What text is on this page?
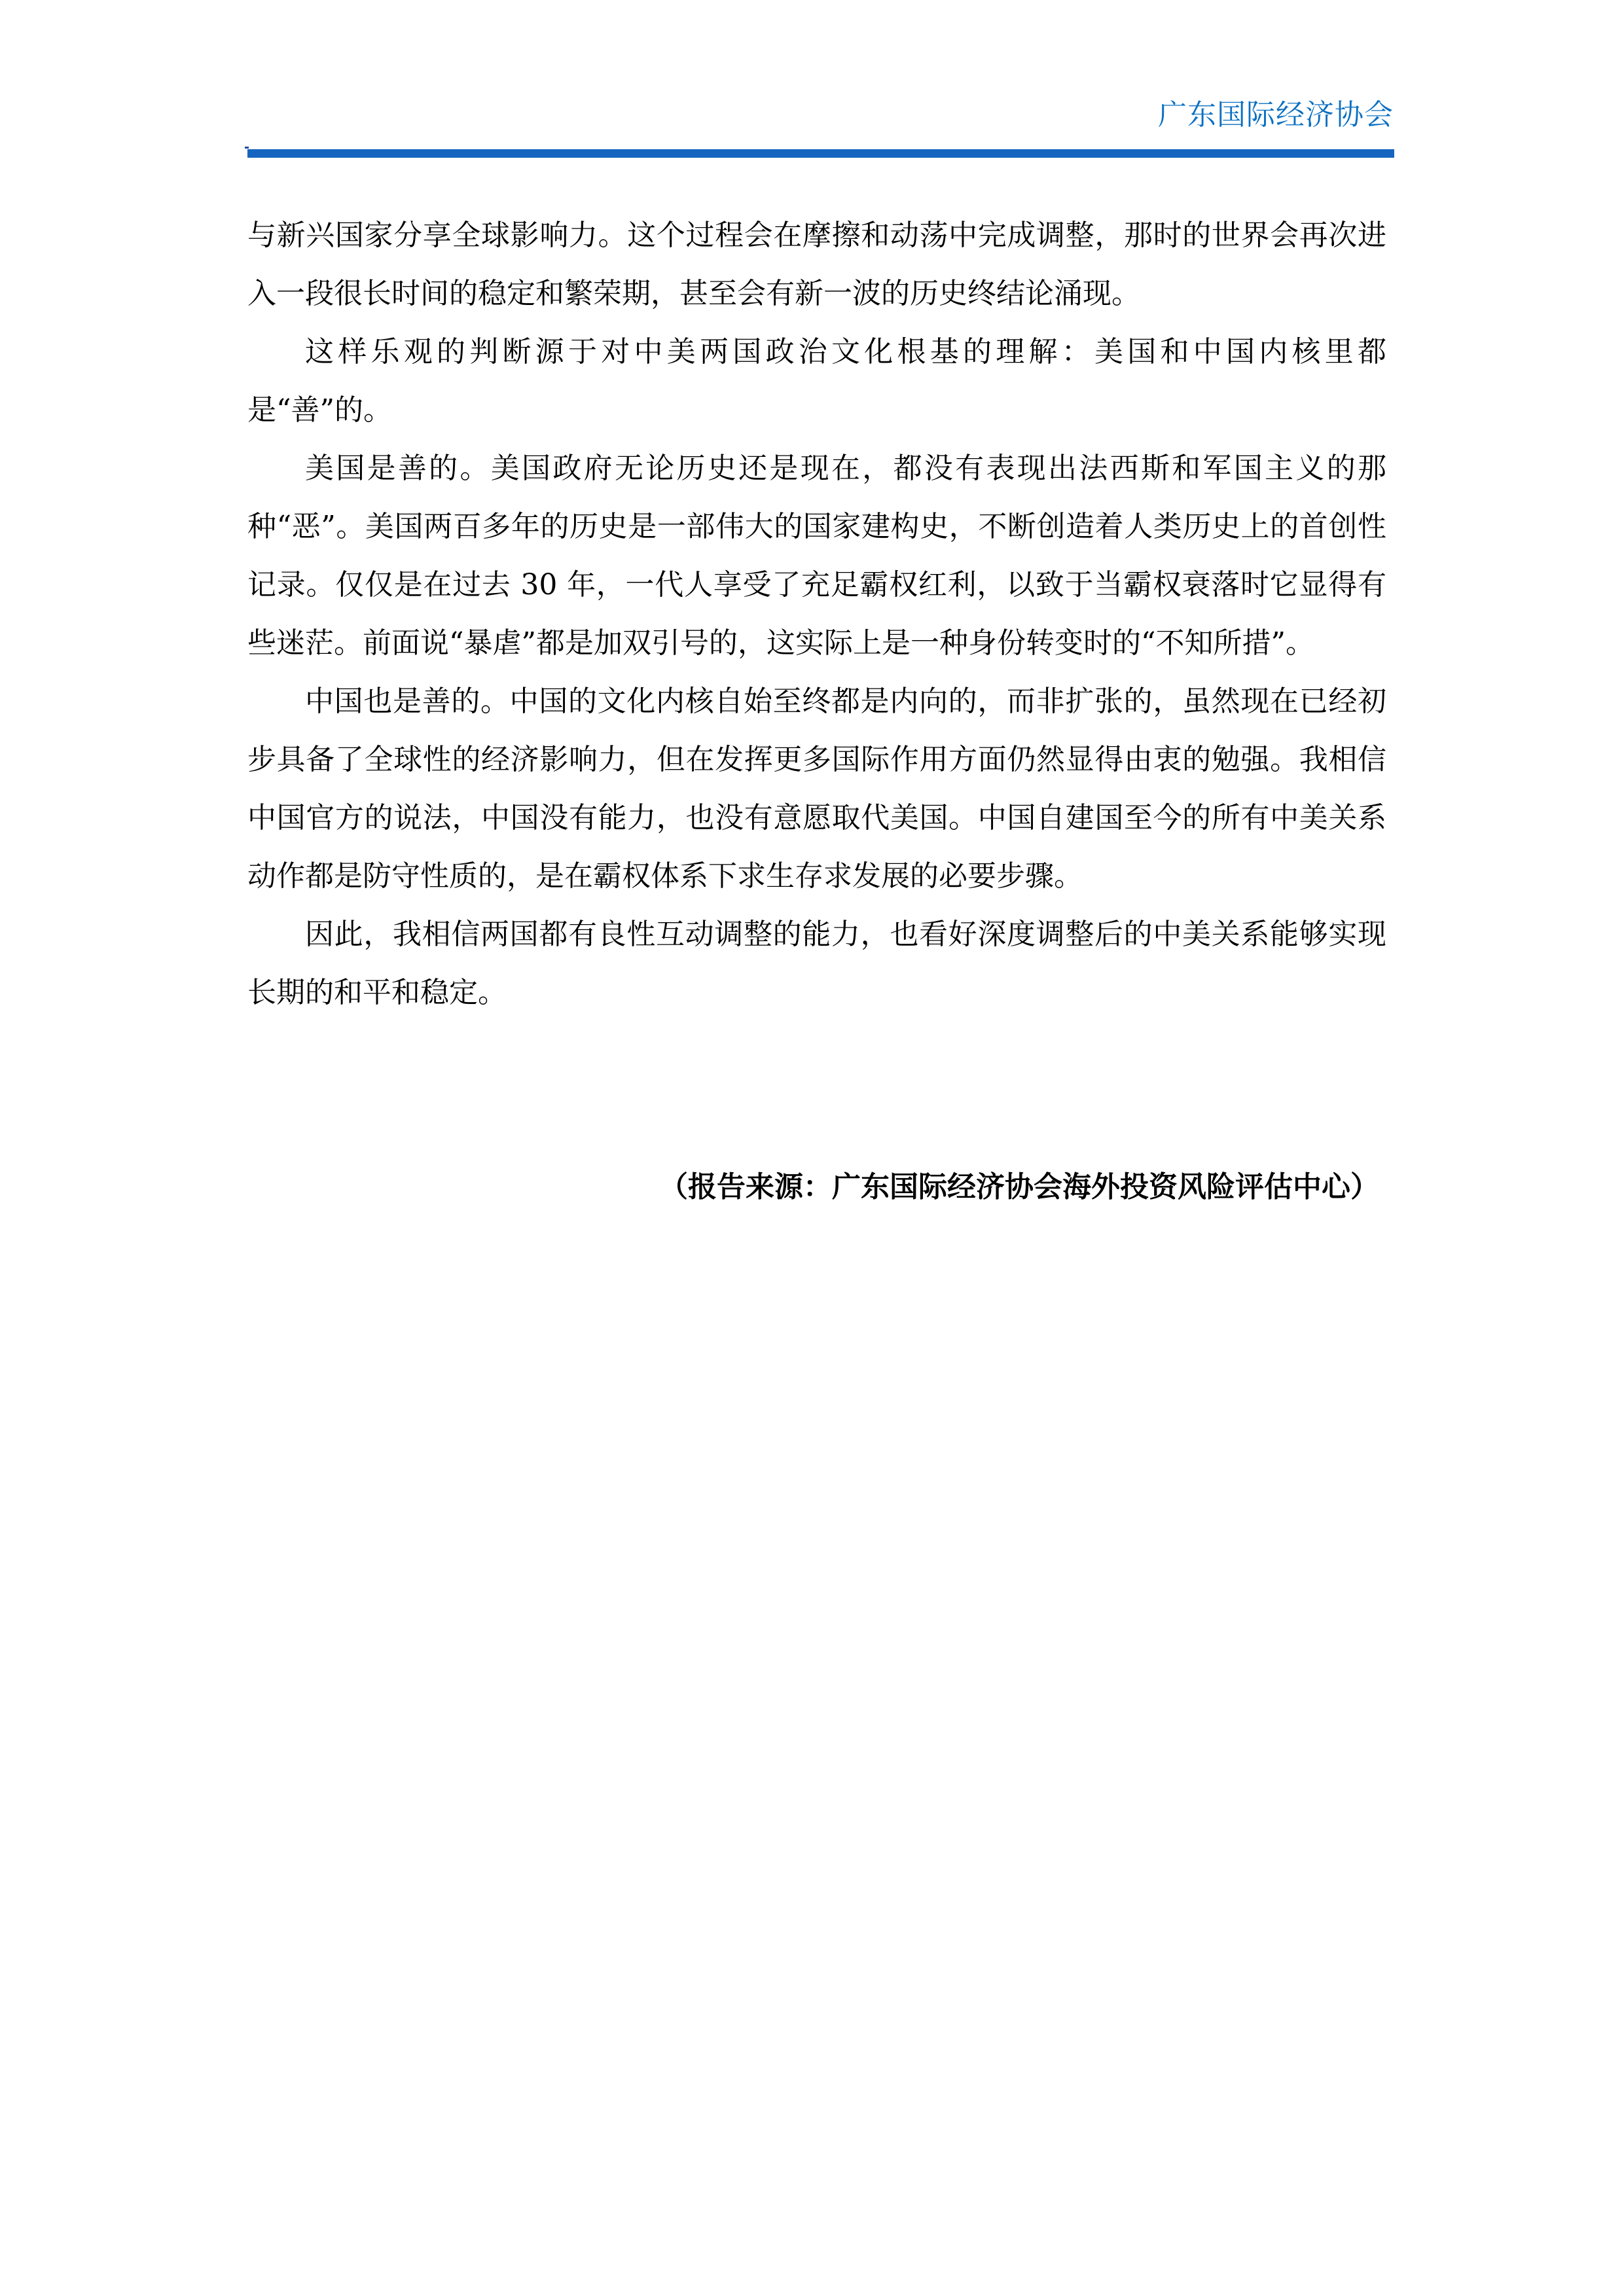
广东国际经济协会

与新兴国家分享全球影响力。这个过程会在摩擦和动荡中完成调整，那时的世界会再次进入一段很长时间的稳定和繁荣期，甚至会有新一波的历史终结论涌现。

这样乐观的判断源于对中美两国政治文化根基的理解：美国和中国内核里都是“善”的。

美国是善的。美国政府无论历史还是现在，都没有表现出法西斯和军国主义的那种“恶”。美国两百多年的历史是一部伟大的国家建构史，不断创造着人类历史上的首创性记录。仅仅是在过去 30 年，一代人享受了充足霸权红利，以致于当霸权衰落时它显得有些迷茫。前面说“暴虐”都是加双引号的，这实际上是一种身份转变时的“不知所措”。

中国也是善的。中国的文化内核自始至终都是内向的，而非扩张的，虽然现在已经初步具备了全球性的经济影响力，但在发挥更多国际作用方面仍然显得由衷的勉强。我相信中国官方的说法，中国没有能力，也没有意愿取代美国。中国自建国至今的所有中美关系动作都是防守性质的，是在霸权体系下求生存求发展的必要步骤。

因此，我相信两国都有良性互动调整的能力，也看好深度调整后的中美关系能够实现长期的和平和稳定。

（报告来源：广东国际经济协会海外投资风险评估中心）
